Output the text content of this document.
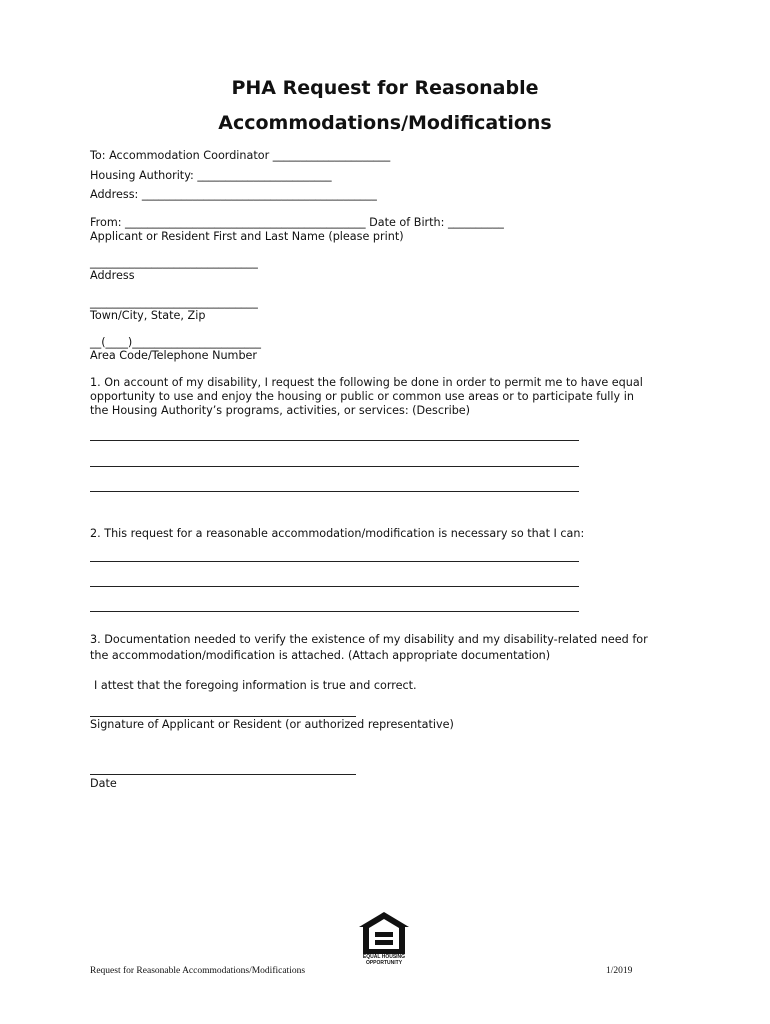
PHA Request for Reasonable
Accommodations/Modifications
To: Accommodation Coordinator _____________________
Housing Authority: ________________________
Address: __________________________________________
From: ___________________________________________ Date of Birth: __________
Applicant or Resident First and Last Name (please print)
______________________________
Address
______________________________
Town/City, State, Zip
__(____)_______________________
Area Code/Telephone Number
1. On account of my disability, I request the following be done in order to permit me to have equal opportunity to use and enjoy the housing or public or common use areas or to participate fully in the Housing Authority’s programs, activities, or services: (Describe)
2. This request for a reasonable accommodation/modification is necessary so that I can:
3. Documentation needed to verify the existence of my disability and my disability-related need for the accommodation/modification is attached. (Attach appropriate documentation)
I attest that the foregoing information is true and correct.
Signature of Applicant or Resident (or authorized representative)
Date
EQUAL HOUSING
OPPORTUNITY
Request for Reasonable Accommodations/Modifications	1/2019
